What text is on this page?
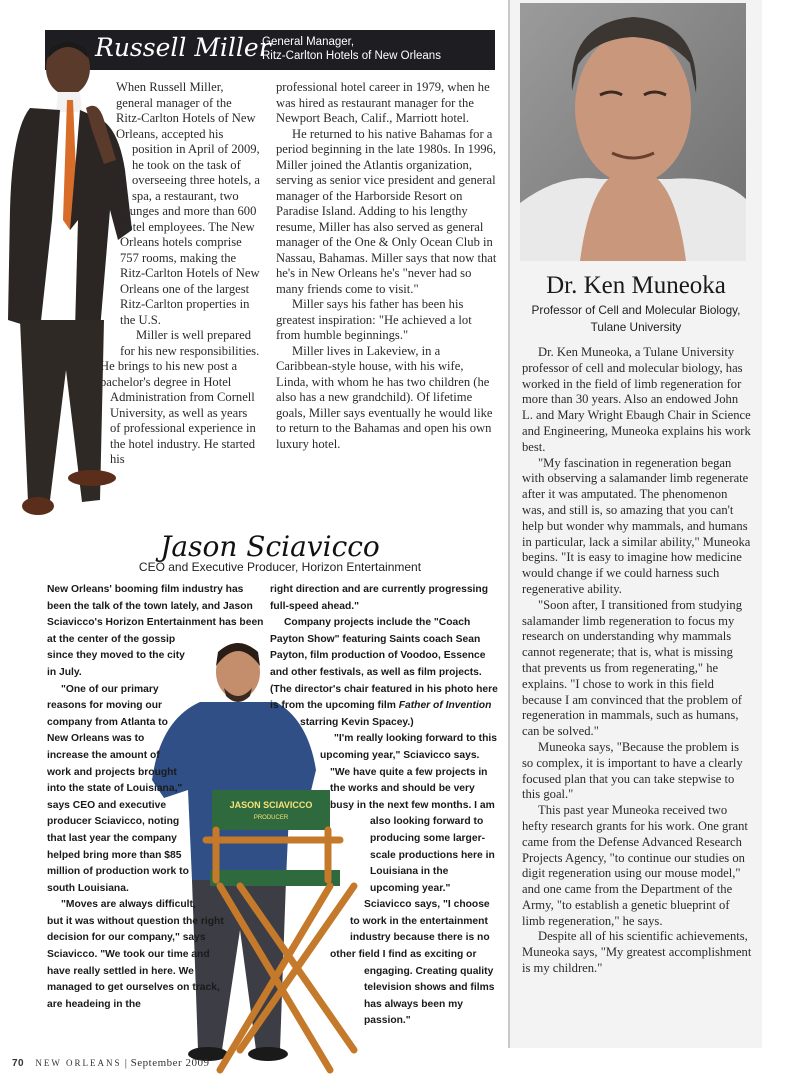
Russell Miller
General Manager,
Ritz-Carlton Hotels of New Orleans

When Russell Miller, general manager of the Ritz-Carlton Hotels of New Orleans, accepted his position in April of 2009, he took on the task of overseeing three hotels, a spa, a restaurant, two lounges and more than 600 hotel employees. The New Orleans hotels comprise 757 rooms, making the Ritz-Carlton Hotels of New Orleans one of the largest Ritz-Carlton properties in the U.S.

Miller is well prepared for his new responsibilities. He brings to his new post a bachelor's degree in Hotel Administration from Cornell University, as well as years of professional experience in the hotel industry. He started his

professional hotel career in 1979, when he was hired as restaurant manager for the Newport Beach, Calif., Marriott hotel.

He returned to his native Bahamas for a period beginning in the late 1980s. In 1996, Miller joined the Atlantis organization, serving as senior vice president and general manager of the Harborside Resort on Paradise Island. Adding to his lengthy resume, Miller has also served as general manager of the One & Only Ocean Club in Nassau, Bahamas. Miller says that now that he's in New Orleans he's "never had so many friends come to visit."

Miller says his father has been his greatest inspiration: "He achieved a lot from humble beginnings."

Miller lives in Lakeview, in a Caribbean-style house, with his wife, Linda, with whom he has two children (he also has a new grandchild). Of lifetime goals, Miller says eventually he would like to return to the Bahamas and open his own luxury hotel.

Jason Sciavicco
CEO and Executive Producer, Horizon Entertainment
JASON SCIAVICCO
PRODUCER

New Orleans' booming film industry has been the talk of the town lately, and Jason Sciavicco's Horizon Entertainment has been at the center of the gossip since they moved to the city in July.

"One of our primary reasons for moving our company from Atlanta to New Orleans was to increase the amount of work and projects brought into the state of Louisiana," says CEO and executive producer Sciavicco, noting that last year the company helped bring more than $85 million of production work to south Louisiana.

"Moves are always difficult, but it was without question the right decision for our company," says Sciavicco. "We took our time and have really settled in here. We managed to get ourselves on track, are headeing in the

right direction and are currently progressing full-speed ahead."

Company projects include the "Coach Payton Show" featuring Saints coach Sean Payton, film production of Voodoo, Essence and other festivals, as well as film projects. (The director's chair featured in his photo here is from the upcoming film Father of Invention starring Kevin Spacey.)

"I'm really looking forward to this upcoming year," Sciavicco says. "We have quite a few projects in the works and should be very busy in the next few months. I am also looking forward to producing some larger-scale productions here in Louisiana in the upcoming year."

Sciavicco says, "I choose to work in the entertainment industry because there is no other field I find as exciting or engaging. Creating quality television shows and films has always been my passion."

Dr. Ken Muneoka
Professor of Cell and Molecular Biology,
Tulane University

Dr. Ken Muneoka, a Tulane University professor of cell and molecular biology, has worked in the field of limb regeneration for more than 30 years. Also an endowed John L. and Mary Wright Ebaugh Chair in Science and Engineering, Muneoka explains his work best.

"My fascination in regeneration began with observing a salamander limb regenerate after it was amputated. The phenomenon was, and still is, so amazing that you can't help but wonder why mammals, and humans in particular, lack a similar ability," Muneoka begins. "It is easy to imagine how medicine would change if we could harness such regenerative ability.

"Soon after, I transitioned from studying salamander limb regeneration to focus my research on understanding why mammals cannot regenerate; that is, what is missing that prevents us from regenerating," he explains. "I chose to work in this field because I am convinced that the problem of regeneration in mammals, such as humans, can be solved."

Muneoka says, "Because the problem is so complex, it is important to have a clearly focused plan that you can take stepwise to this goal."

This past year Muneoka received two hefty research grants for his work. One grant came from the Defense Advanced Research Projects Agency, "to continue our studies on digit regeneration using our mouse model," and one came from the Department of the Army, "to establish a genetic blueprint of limb regeneration," he says.

Despite all of his scientific achievements, Muneoka says, "My greatest accomplishment is my children."

70 NEW ORLEANS | September 2009
